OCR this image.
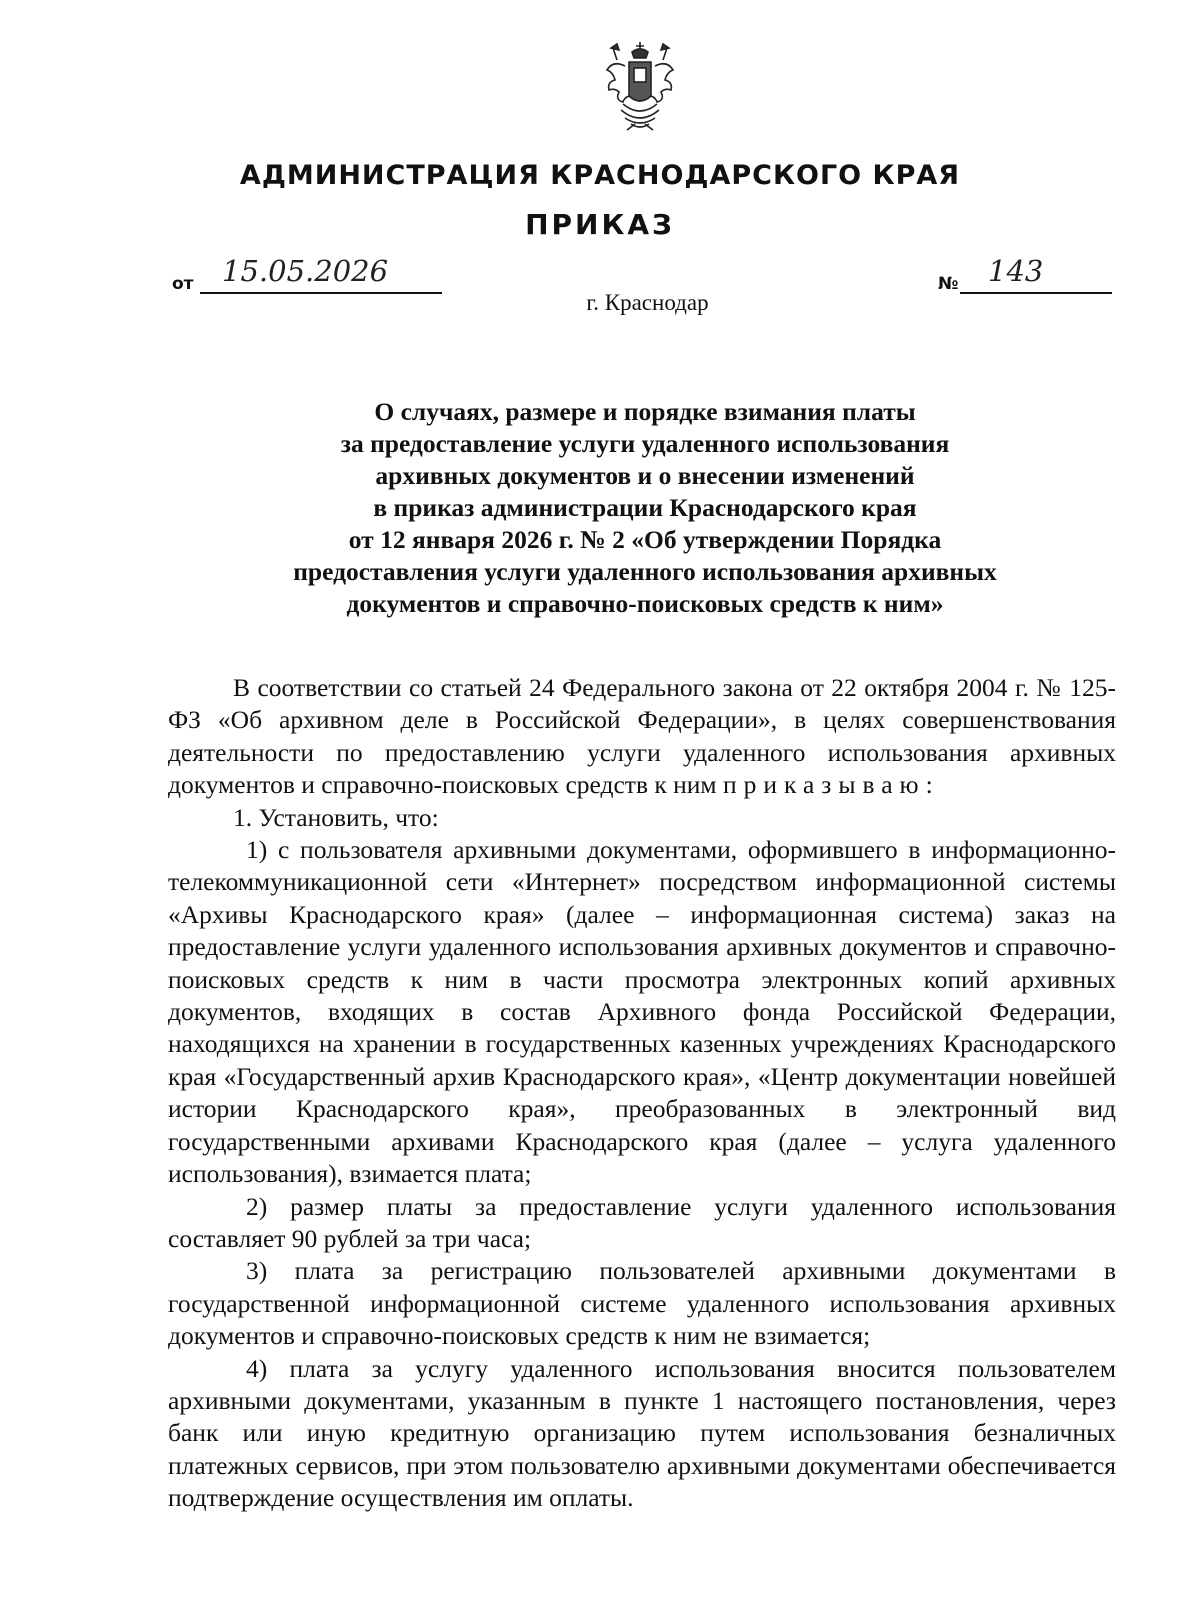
АДМИНИСТРАЦИЯ КРАСНОДАРСКОГО КРАЯ
ПРИКАЗ
от 15.05.2026	№ 143
г. Краснодар
О случаях, размере и порядке взимания платы
за предоставление услуги удаленного использования
архивных документов и о внесении изменений
в приказ администрации Краснодарского края
от 12 января 2026 г. № 2 «Об утверждении Порядка
предоставления услуги удаленного использования архивных
документов и справочно-поисковых средств к ним»

В соответствии со статьей 24 Федерального закона от 22 октября 2004 г. № 125-ФЗ «Об архивном деле в Российской Федерации», в целях совершенствования деятельности по предоставлению услуги удаленного использования архивных документов и справочно-поисковых средств к ним приказываю:

1. Установить, что:

1) с пользователя архивными документами, оформившего в информационно-телекоммуникационной сети «Интернет» посредством информационной системы «Архивы Краснодарского края» (далее – информационная система) заказ на предоставление услуги удаленного использования архивных документов и справочно-поисковых средств к ним в части просмотра электронных копий архивных документов, входящих в состав Архивного фонда Российской Федерации, находящихся на хранении в государственных казенных учреждениях Краснодарского края «Государственный архив Краснодарского края», «Центр документации новейшей истории Краснодарского края», преобразованных в электронный вид государственными архивами Краснодарского края (далее – услуга удаленного использования), взимается плата;

2) размер платы за предоставление услуги удаленного использования составляет 90 рублей за три часа;

3) плата за регистрацию пользователей архивными документами в государственной информационной системе удаленного использования архивных документов и справочно-поисковых средств к ним не взимается;

4) плата за услугу удаленного использования вносится пользователем архивными документами, указанным в пункте 1 настоящего постановления, через банк или иную кредитную организацию путем использования безналичных платежных сервисов, при этом пользователю архивными документами обеспечивается подтверждение осуществления им оплаты.
